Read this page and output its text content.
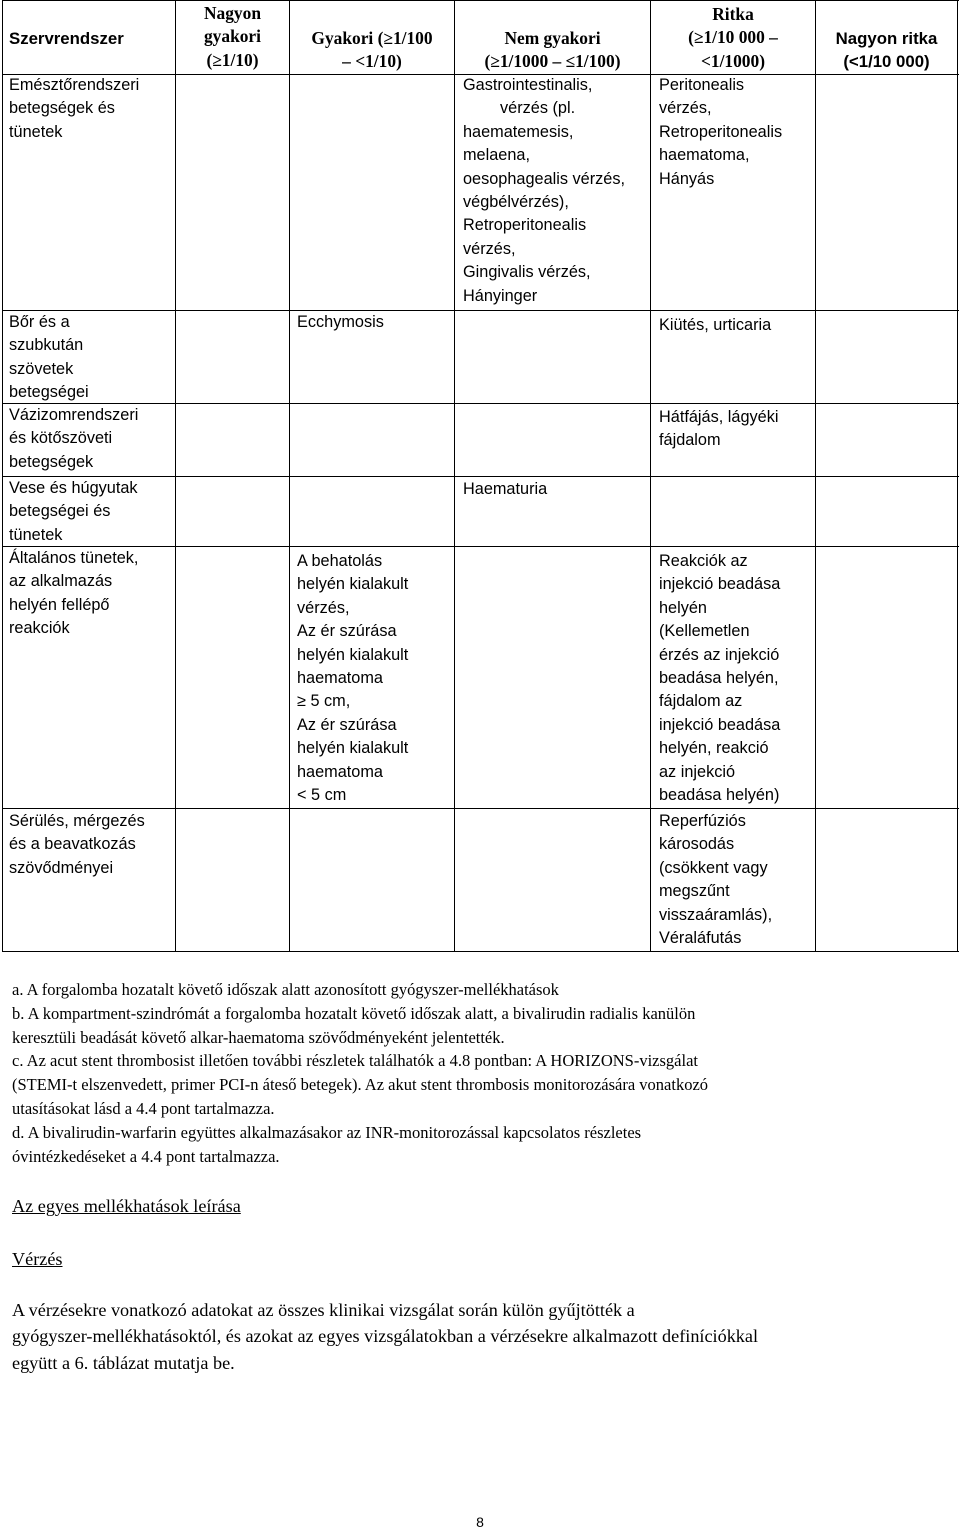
Szervrendszer
Nagyon
gyakori
(≥1/10)
Gyakori (≥1/100
– <1/10)
Nem gyakori
(≥1/1000 – ≤1/100)
Ritka
(≥1/10 000 –
<1/1000)
Nagyon ritka
(<1/10 000)
Emésztőrendszeri
betegségek és
tünetek
Gastrointestinalis,
vérzés (pl.
haematemesis,
melaena,
oesophagealis vérzés,
végbélvérzés),
Retroperitonealis
vérzés,
Gingivalis vérzés,
Hányinger
Peritonealis
vérzés,
Retroperitonealis
haematoma,
Hányás
Bőr és a
szubkután
szövetek
betegségei
Ecchymosis	Kiütés, urticaria
Vázizomrendszeri
és kötőszöveti
betegségek
Hátfájás, lágyéki
fájdalom
Vese és húgyutak
betegségei és
tünetek
Haematuria
Általános tünetek,
az alkalmazás
helyén fellépő
reakciók
A behatolás
helyén kialakult
vérzés,
Az ér szúrása
helyén kialakult
haematoma
≥ 5 cm,
Az ér szúrása
helyén kialakult
haematoma
< 5 cm
Reakciók az
injekció beadása
helyén
(Kellemetlen
érzés az injekció
beadása helyén,
fájdalom az
injekció beadása
helyén, reakció
az injekció
beadása helyén)
Sérülés, mérgezés
és a beavatkozás
szövődményei
Reperfúziós
károsodás
(csökkent vagy
megszűnt
visszaáramlás),
Véraláfutás
a. A forgalomba hozatalt követő időszak alatt azonosított gyógyszer-mellékhatások
b. A kompartment-szindrómát a forgalomba hozatalt követő időszak alatt, a bivalirudin radialis kanülön
keresztüli beadását követő alkar-haematoma szövődményeként jelentették.
c. Az acut stent thrombosist illetően további részletek találhatók a 4.8 pontban: A HORIZONS-vizsgálat
(STEMI-t elszenvedett, primer PCI-n áteső betegek). Az akut stent thrombosis monitorozására vonatkozó
utasításokat lásd a 4.4 pont tartalmazza.
d. A bivalirudin-warfarin együttes alkalmazásakor az INR-monitorozással kapcsolatos részletes
óvintézkedéseket a 4.4 pont tartalmazza.
Az egyes mellékhatások leírása
Vérzés
A vérzésekre vonatkozó adatokat az összes klinikai vizsgálat során külön gyűjtötték a
gyógyszer-mellékhatásoktól, és azokat az egyes vizsgálatokban a vérzésekre alkalmazott definíciókkal
együtt a 6. táblázat mutatja be.
8
